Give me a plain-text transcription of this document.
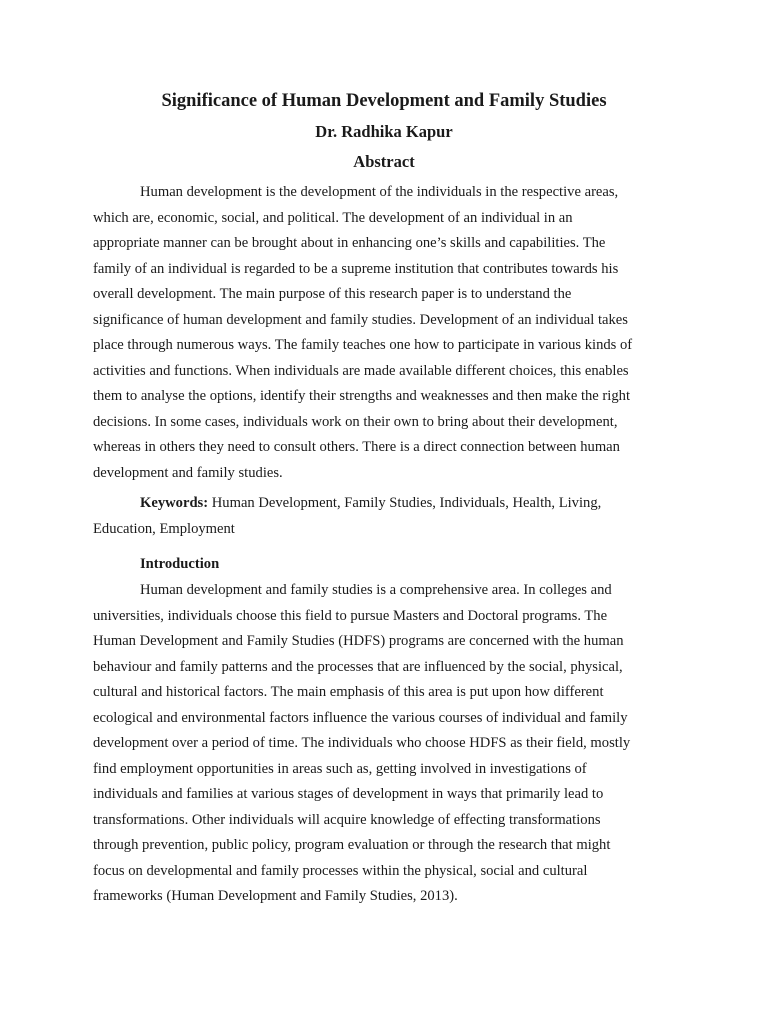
Significance of Human Development and Family Studies
Dr. Radhika Kapur
Abstract

Human development is the development of the individuals in the respective areas,
which are, economic, social, and political. The development of an individual in an
appropriate manner can be brought about in enhancing one’s skills and capabilities. The
family of an individual is regarded to be a supreme institution that contributes towards his
overall development. The main purpose of this research paper is to understand the
significance of human development and family studies. Development of an individual takes
place through numerous ways. The family teaches one how to participate in various kinds of
activities and functions. When individuals are made available different choices, this enables
them to analyse the options, identify their strengths and weaknesses and then make the right
decisions. In some cases, individuals work on their own to bring about their development,
whereas in others they need to consult others. There is a direct connection between human
development and family studies.

Keywords: Human Development, Family Studies, Individuals, Health, Living,
Education, Employment

Introduction

Human development and family studies is a comprehensive area. In colleges and
universities, individuals choose this field to pursue Masters and Doctoral programs. The
Human Development and Family Studies (HDFS) programs are concerned with the human
behaviour and family patterns and the processes that are influenced by the social, physical,
cultural and historical factors. The main emphasis of this area is put upon how different
ecological and environmental factors influence the various courses of individual and family
development over a period of time. The individuals who choose HDFS as their field, mostly
find employment opportunities in areas such as, getting involved in investigations of
individuals and families at various stages of development in ways that primarily lead to
transformations. Other individuals will acquire knowledge of effecting transformations
through prevention, public policy, program evaluation or through the research that might
focus on developmental and family processes within the physical, social and cultural
frameworks (Human Development and Family Studies, 2013).
